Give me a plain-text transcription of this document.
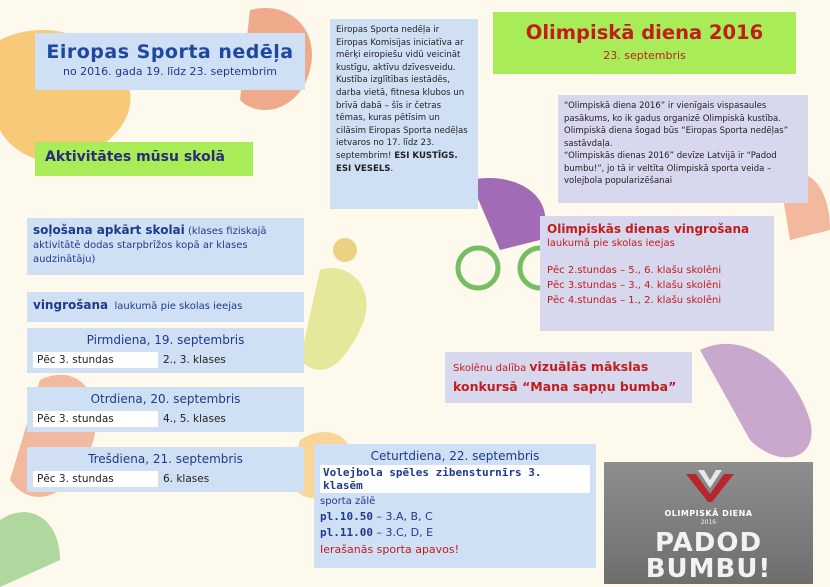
Eiropas Sporta nedēļa
no 2016. gada 19. līdz 23. septembrim
Aktivitātes mūsu skolā
Eiropas Sporta nedēļa ir Eiropas Komisijas iniciatīva ar mērķi eiropiešu vidū veicināt kustīgu, aktīvu dzīvesveidu. Kustība izglītības iestādēs, darba vietā, fitnesa klubos un brīvā dabā – šīs ir četras tēmas, kuras pētīsim un cilāsim Eiropas Sporta nedēļas ietvaros no 17. līdz 23. septembrim! ESI KUSTĪGS. ESI VESELS.
Olimpiskā diena 2016
23. septembris
“Olimpiskā diena 2016” ir vienīgais vispasaules pasākums, ko ik gadus organizē Olimpiskā kustība. Olimpiskā diena šogad būs “Eiropas Sporta nedēļas” sastāvdaļa.
“Olimpiskās dienas 2016” devīze Latvijā ir “Padod bumbu!”, jo tā ir veltīta Olimpiskā sporta veida – volejbola popularizēšanai
soļošana apkārt skolai (klases fiziskajā aktivitātē dodas starpbrīžos kopā ar klases audzinātāju)
vingrošana laukumā pie skolas ieejas
Pirmdiena, 19. septembris
Pēc 3. stundas	2., 3. klases
Otrdiena, 20. septembris
Pēc 3. stundas	4., 5. klases
Trešdiena, 21. septembris
Pēc 3. stundas	6. klases
Olimpiskās dienas vingrošana
laukumā pie skolas ieejas
Pēc 2.stundas – 5., 6. klašu skolēni
Pēc 3.stundas – 3., 4. klašu skolēni
Pēc 4.stundas – 1., 2. klašu skolēni
Skolēnu dalība vizuālās mākslas
konkursā “Mana sapņu bumba”
Ceturtdiena, 22. septembris
Volejbola spēles zibensturnīrs 3. klasēm
sporta zālē
pl.10.50 – 3.A, B, C
pl.11.00 – 3.C, D, E
Ierašanās sporta apavos!
OLIMPISKĀ DIENA
2016
PADOD
BUMBU!
